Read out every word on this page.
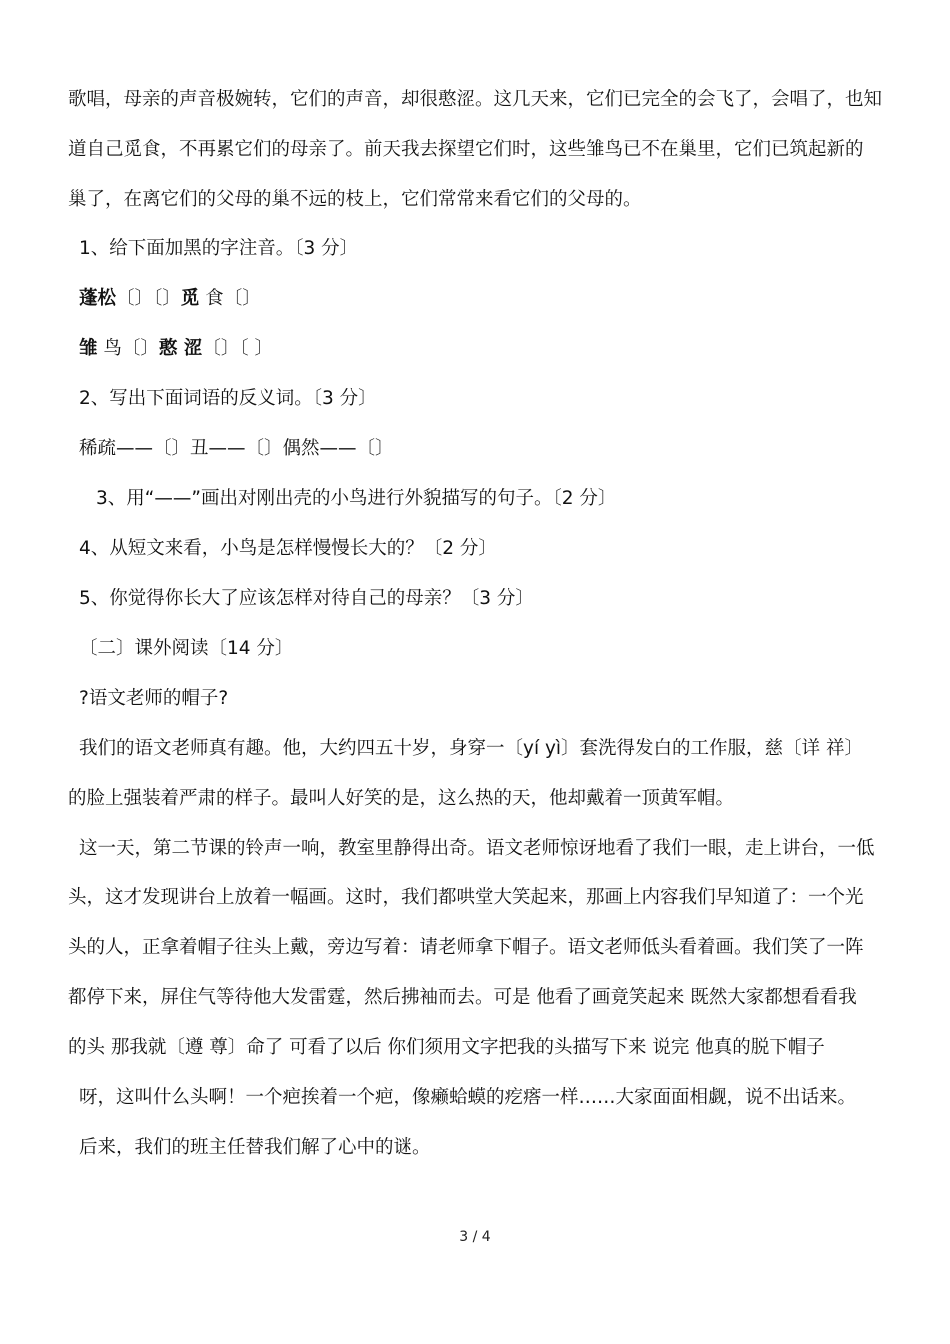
歌唱，母亲的声音极婉转，它们的声音，却很憨涩。这几天来，它们已完全的会飞了，会唱了，也知
道自己觅食，不再累它们的母亲了。前天我去探望它们时，这些雏鸟已不在巢里，它们已筑起新的
巢了，在离它们的父母的巢不远的枝上，它们常常来看它们的父母的。
1、给下面加黑的字注音。〔3 分〕
蓬松〔〕〔〕觅 食〔〕
雏 鸟〔〕憨 涩〔〕〔 〕
2、写出下面词语的反义词。〔3 分〕
稀疏——〔〕丑——〔〕偶然——〔〕
3、用“——”画出对刚出壳的小鸟进行外貌描写的句子。〔2 分〕
4、从短文来看，小鸟是怎样慢慢长大的？〔2 分〕
5、你觉得你长大了应该怎样对待自己的母亲？〔3 分〕
〔二〕课外阅读〔14 分〕
?语文老师的帽子?
我们的语文老师真有趣。他，大约四五十岁，身穿一〔yí yì〕套洗得发白的工作服，慈〔详 祥〕
的脸上强装着严肃的样子。最叫人好笑的是，这么热的天，他却戴着一顶黄军帽。
这一天，第二节课的铃声一响，教室里静得出奇。语文老师惊讶地看了我们一眼，走上讲台，一低
头，这才发现讲台上放着一幅画。这时，我们都哄堂大笑起来，那画上内容我们早知道了：一个光
头的人，正拿着帽子往头上戴，旁边写着：请老师拿下帽子。语文老师低头看着画。我们笑了一阵
都停下来，屏住气等待他大发雷霆，然后拂袖而去。可是 他看了画竟笑起来 既然大家都想看看我
的头 那我就〔遵 尊〕命了 可看了以后 你们须用文字把我的头描写下来 说完 他真的脱下帽子
呀，这叫什么头啊！一个疤挨着一个疤，像癞蛤蟆的疙瘩一样……大家面面相觑，说不出话来。
后来，我们的班主任替我们解了心中的谜。
3 / 4
